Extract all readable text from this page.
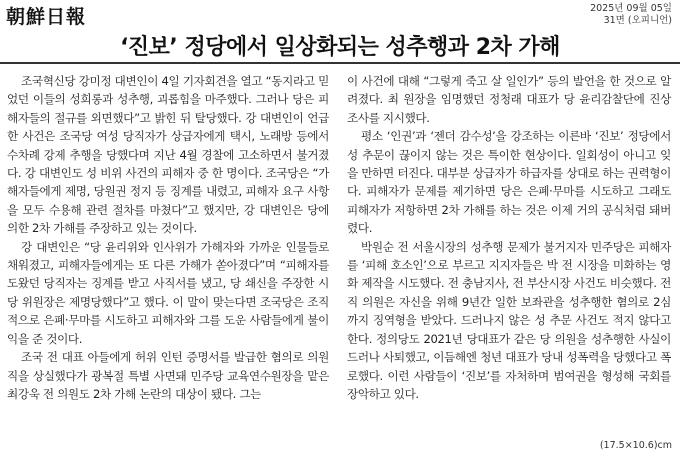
朝鮮日報	2025년 09월 05일
31면 (오피니언)
‘진보’ 정당에서 일상화되는 성추행과 2차 가해

조국혁신당 강미정 대변인이 4일 기자회견을 열고 “동지라고 믿었던 이들의 성희롱과 성추행, 괴롭힘을 마주했다. 그러나 당은 피해자들의 절규를 외면했다”고 밝힌 뒤 탈당했다. 강 대변인이 언급한 사건은 조국당 여성 당직자가 상급자에게 택시, 노래방 등에서 수차례 강제 추행을 당했다며 지난 4월 경찰에 고소하면서 불거졌다. 강 대변인도 성 비위 사건의 피해자 중 한 명이다. 조국당은 “가해자들에게 제명, 당원권 정지 등 징계를 내렸고, 피해자 요구 사항을 모두 수용해 관련 절차를 마쳤다”고 했지만, 강 대변인은 당에 의한 2차 가해를 주장하고 있는 것이다.

강 대변인은 “당 윤리위와 인사위가 가해자와 가까운 인물들로 채워졌고, 피해자들에게는 또 다른 가해가 쏟아졌다”며 “피해자를 도왔던 당직자는 징계를 받고 사직서를 냈고, 당 쇄신을 주장한 시당 위원장은 제명당했다”고 했다. 이 말이 맞는다면 조국당은 조직적으로 은폐·무마를 시도하고 피해자와 그를 도운 사람들에게 불이익을 준 것이다.

조국 전 대표 아들에게 허위 인턴 증명서를 발급한 혐의로 의원직을 상실했다가 광복절 특별 사면돼 민주당 교육연수원장을 맡은 최강욱 전 의원도 2차 가해 논란의 대상이 됐다. 그는

이 사건에 대해 “그렇게 죽고 살 일인가” 등의 발언을 한 것으로 알려졌다. 최 원장을 임명했던 정청래 대표가 당 윤리감찰단에 진상 조사를 지시했다.

평소 ‘인권’과 ‘젠더 감수성’을 강조하는 이른바 ‘진보’ 정당에서 성 추문이 끊이지 않는 것은 특이한 현상이다. 일회성이 아니고 잊을 만하면 터진다. 대부분 상급자가 하급자를 상대로 하는 권력형이다. 피해자가 문제를 제기하면 당은 은폐·무마를 시도하고 그래도 피해자가 저항하면 2차 가해를 하는 것은 이제 거의 공식처럼 돼버렸다.

박원순 전 서울시장의 성추행 문제가 불거지자 민주당은 피해자를 ‘피해 호소인’으로 부르고 지지자들은 박 전 시장을 미화하는 영화 제작을 시도했다. 전 충남지사, 전 부산시장 사건도 비슷했다. 전직 의원은 자신을 위해 9년간 일한 보좌관을 성추행한 혐의로 2심까지 징역형을 받았다. 드러나지 않은 성 추문 사건도 적지 않다고 한다. 정의당도 2021년 당대표가 같은 당 의원을 성추행한 사실이 드러나 사퇴했고, 이듬해엔 청년 대표가 당내 성폭력을 당했다고 폭로했다. 이런 사람들이 ‘진보’를 자처하며 범여권을 형성해 국회를 장악하고 있다.

(17.5×10.6)cm
